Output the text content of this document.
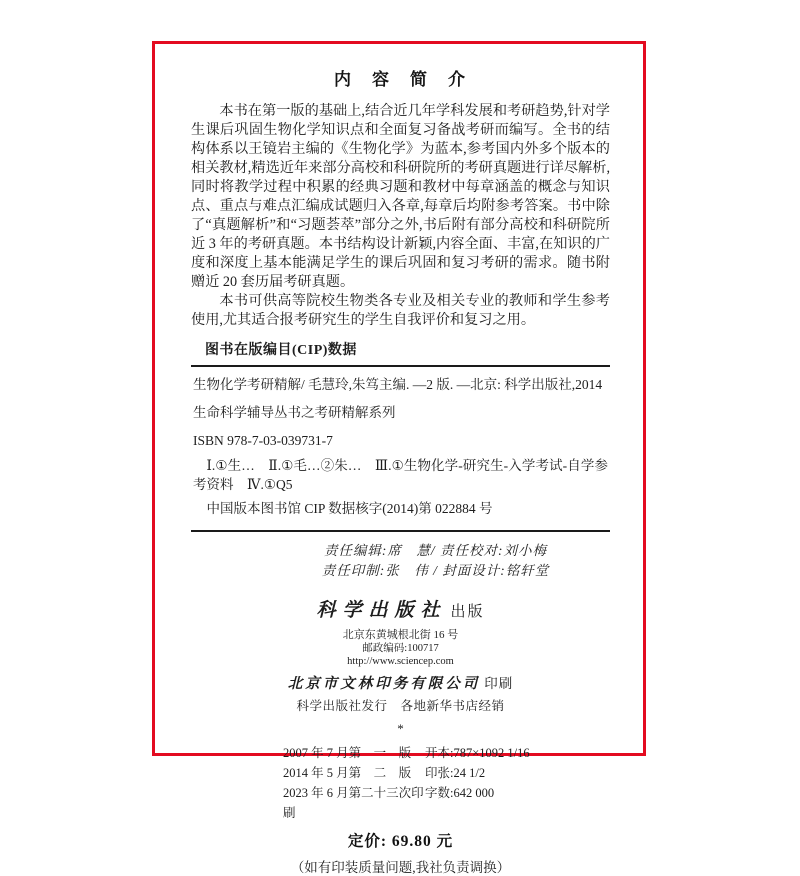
内　容　简　介

本书在第一版的基础上,结合近几年学科发展和考研趋势,针对学生课后巩固生物化学知识点和全面复习备战考研而编写。全书的结构体系以王镜岩主编的《生物化学》为蓝本,参考国内外多个版本的相关教材,精选近年来部分高校和科研院所的考研真题进行详尽解析,同时将教学过程中积累的经典习题和教材中每章涵盖的概念与知识点、重点与难点汇编成试题归入各章,每章后均附参考答案。书中除了“真题解析”和“习题荟萃”部分之外,书后附有部分高校和科研院所近 3 年的考研真题。本书结构设计新颖,内容全面、丰富,在知识的广度和深度上基本能满足学生的课后巩固和复习考研的需求。随书附赠近 20 套历届考研真题。

本书可供高等院校生物类各专业及相关专业的教师和学生参考使用,尤其适合报考研究生的学生自我评价和复习之用。

图书在版编目(CIP)数据
生物化学考研精解/ 毛慧玲,朱笃主编. —2 版. —北京: 科学出版社,2014
生命科学辅导丛书之考研精解系列
ISBN 978-7-03-039731-7
Ⅰ.①生…　Ⅱ.①毛…②朱…　Ⅲ.①生物化学-研究生-入学考试-自学参考资料　Ⅳ.①Q5
中国版本图书馆 CIP 数据核字(2014)第 022884 号
责任编辑:席　慧/ 责任校对:刘小梅
责任印制:张　伟 / 封面设计:铭轩堂
科学出版社 出版
北京东黄城根北街 16 号
邮政编码:100717
http://www.sciencep.com
北京市文林印务有限公司 印刷
科学出版社发行　各地新华书店经销
*
2007 年 7 月第　一　版	开本:787×1092 1/16
2014 年 5 月第　二　版	印张:24 1/2
2023 年 6 月第二十三次印刷
字数:642 000
定价: 69.80 元
（如有印装质量问题,我社负责调换）
